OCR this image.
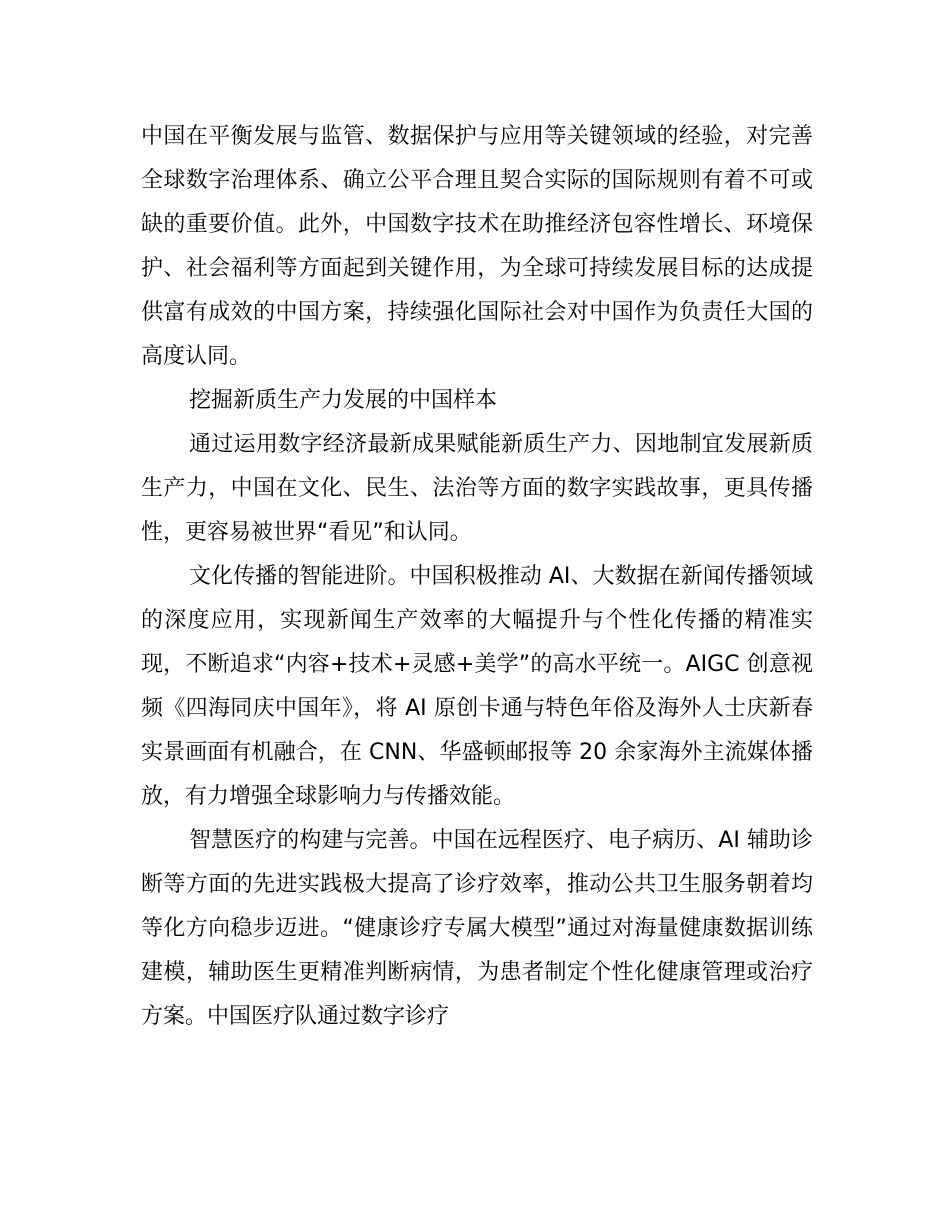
中国在平衡发展与监管、数据保护与应用等关键领域的经验，对完善全球数字治理体系、确立公平合理且契合实际的国际规则有着不可或缺的重要价值。此外，中国数字技术在助推经济包容性增长、环境保护、社会福利等方面起到关键作用，为全球可持续发展目标的达成提供富有成效的中国方案，持续强化国际社会对中国作为负责任大国的高度认同。

挖掘新质生产力发展的中国样本

通过运用数字经济最新成果赋能新质生产力、因地制宜发展新质生产力，中国在文化、民生、法治等方面的数字实践故事，更具传播性，更容易被世界“看见”和认同。

文化传播的智能进阶。中国积极推动 AI、大数据在新闻传播领域的深度应用，实现新闻生产效率的大幅提升与个性化传播的精准实现，不断追求“内容+技术+灵感+美学”的高水平统一。AIGC 创意视频《四海同庆中国年》，将 AI 原创卡通与特色年俗及海外人士庆新春实景画面有机融合，在 CNN、华盛顿邮报等 20 余家海外主流媒体播放，有力增强全球影响力与传播效能。

智慧医疗的构建与完善。中国在远程医疗、电子病历、AI 辅助诊断等方面的先进实践极大提高了诊疗效率，推动公共卫生服务朝着均等化方向稳步迈进。“健康诊疗专属大模型”通过对海量健康数据训练建模，辅助医生更精准判断病情，为患者制定个性化健康管理或治疗方案。中国医疗队通过数字诊疗
